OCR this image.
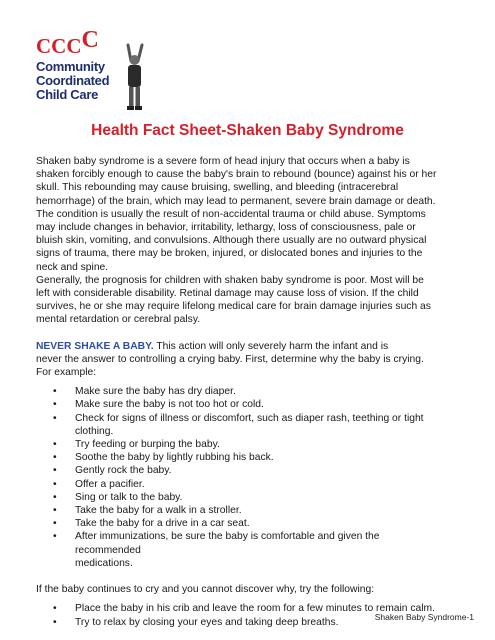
CCCC
Community
Coordinated
Child Care
Health Fact Sheet-Shaken Baby Syndrome

Shaken baby syndrome is a severe form of head injury that occurs when a baby is

shaken forcibly enough to cause the baby's brain to rebound (bounce) against his or her

skull. This rebounding may cause bruising, swelling, and bleeding (intracerebral

hemorrhage) of the brain, which may lead to permanent, severe brain damage or death.

The condition is usually the result of non-accidental trauma or child abuse. Symptoms

may include changes in behavior, irritability, lethargy, loss of consciousness, pale or

bluish skin, vomiting, and convulsions. Although there usually are no outward physical

signs of trauma, there may be broken, injured, or dislocated bones and injuries to the

neck and spine.

Generally, the prognosis for children with shaken baby syndrome is poor. Most will be

left with considerable disability. Retinal damage may cause loss of vision. If the child

survives, he or she may require lifelong medical care for brain damage injuries such as

mental retardation or cerebral palsy.

NEVER SHAKE A BABY. This action will only severely harm the infant and is

never the answer to controlling a crying baby. First, determine why the baby is crying.

For example:

• Make sure the baby has dry diaper.
• Make sure the baby is not too hot or cold.
• Check for signs of illness or discomfort, such as diaper rash, teething or tight
clothing.
• Try feeding or burping the baby.
• Soothe the baby by lightly rubbing his back.
• Gently rock the baby.
• Offer a pacifier.
• Sing or talk to the baby.
• Take the baby for a walk in a stroller.
• Take the baby for a drive in a car seat.
• After immunizations, be sure the baby is comfortable and given the
recommended
medications.

If the baby continues to cry and you cannot discover why, try the following:

• Place the baby in his crib and leave the room for a few minutes to remain calm.
• Try to relax by closing your eyes and taking deep breaths.	Shaken Baby Syndrome-1
